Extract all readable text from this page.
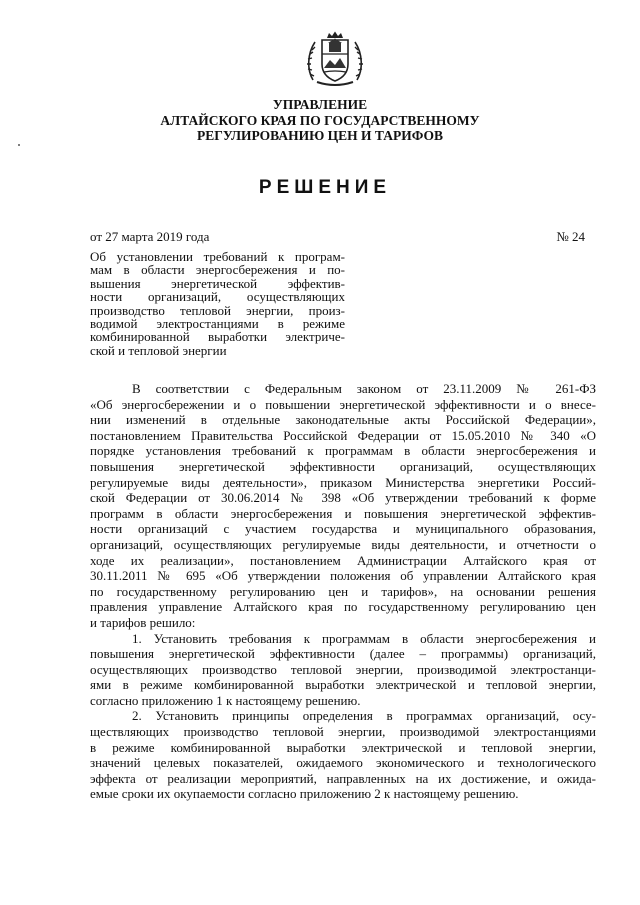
УПРАВЛЕНИЕ
АЛТАЙСКОГО КРАЯ ПО ГОСУДАРСТВЕННОМУ
РЕГУЛИРОВАНИЮ ЦЕН И ТАРИФОВ
РЕШЕНИЕ
от 27 марта 2019 года	№ 24
Об установлении требований к програм-
мам в области энергосбережения и по-
вышения энергетической эффектив-
ности организаций, осуществляющих
производство тепловой энергии, произ-
водимой электростанциями в режиме
комбинированной выработки электриче-
ской и тепловой энергии
В соответствии с Федеральным законом от 23.11.2009 № 261-ФЗ
«Об энергосбережении и о повышении энергетической эффективности и о внесе-
нии изменений в отдельные законодательные акты Российской Федерации»,
постановлением Правительства Российской Федерации от 15.05.2010 № 340 «О
порядке установления требований к программам в области энергосбережения и
повышения энергетической эффективности организаций, осуществляющих
регулируемые виды деятельности», приказом Министерства энергетики Россий-
ской Федерации от 30.06.2014 № 398 «Об утверждении требований к форме
программ в области энергосбережения и повышения энергетической эффектив-
ности организаций с участием государства и муниципального образования,
организаций, осуществляющих регулируемые виды деятельности, и отчетности о
ходе их реализации», постановлением Администрации Алтайского края от
30.11.2011 № 695 «Об утверждении положения об управлении Алтайского края
по государственному регулированию цен и тарифов», на основании решения
правления управление Алтайского края по государственному регулированию цен
и тарифов решило:
1. Установить требования к программам в области энергосбережения и
повышения энергетической эффективности (далее – программы) организаций,
осуществляющих производство тепловой энергии, производимой электростанци-
ями в режиме комбинированной выработки электрической и тепловой энергии,
согласно приложению 1 к настоящему решению.
2. Установить принципы определения в программах организаций, осу-
ществляющих производство тепловой энергии, производимой электростанциями
в режиме комбинированной выработки электрической и тепловой энергии,
значений целевых показателей, ожидаемого экономического и технологического
эффекта от реализации мероприятий, направленных на их достижение, и ожида-
емые сроки их окупаемости согласно приложению 2 к настоящему решению.
